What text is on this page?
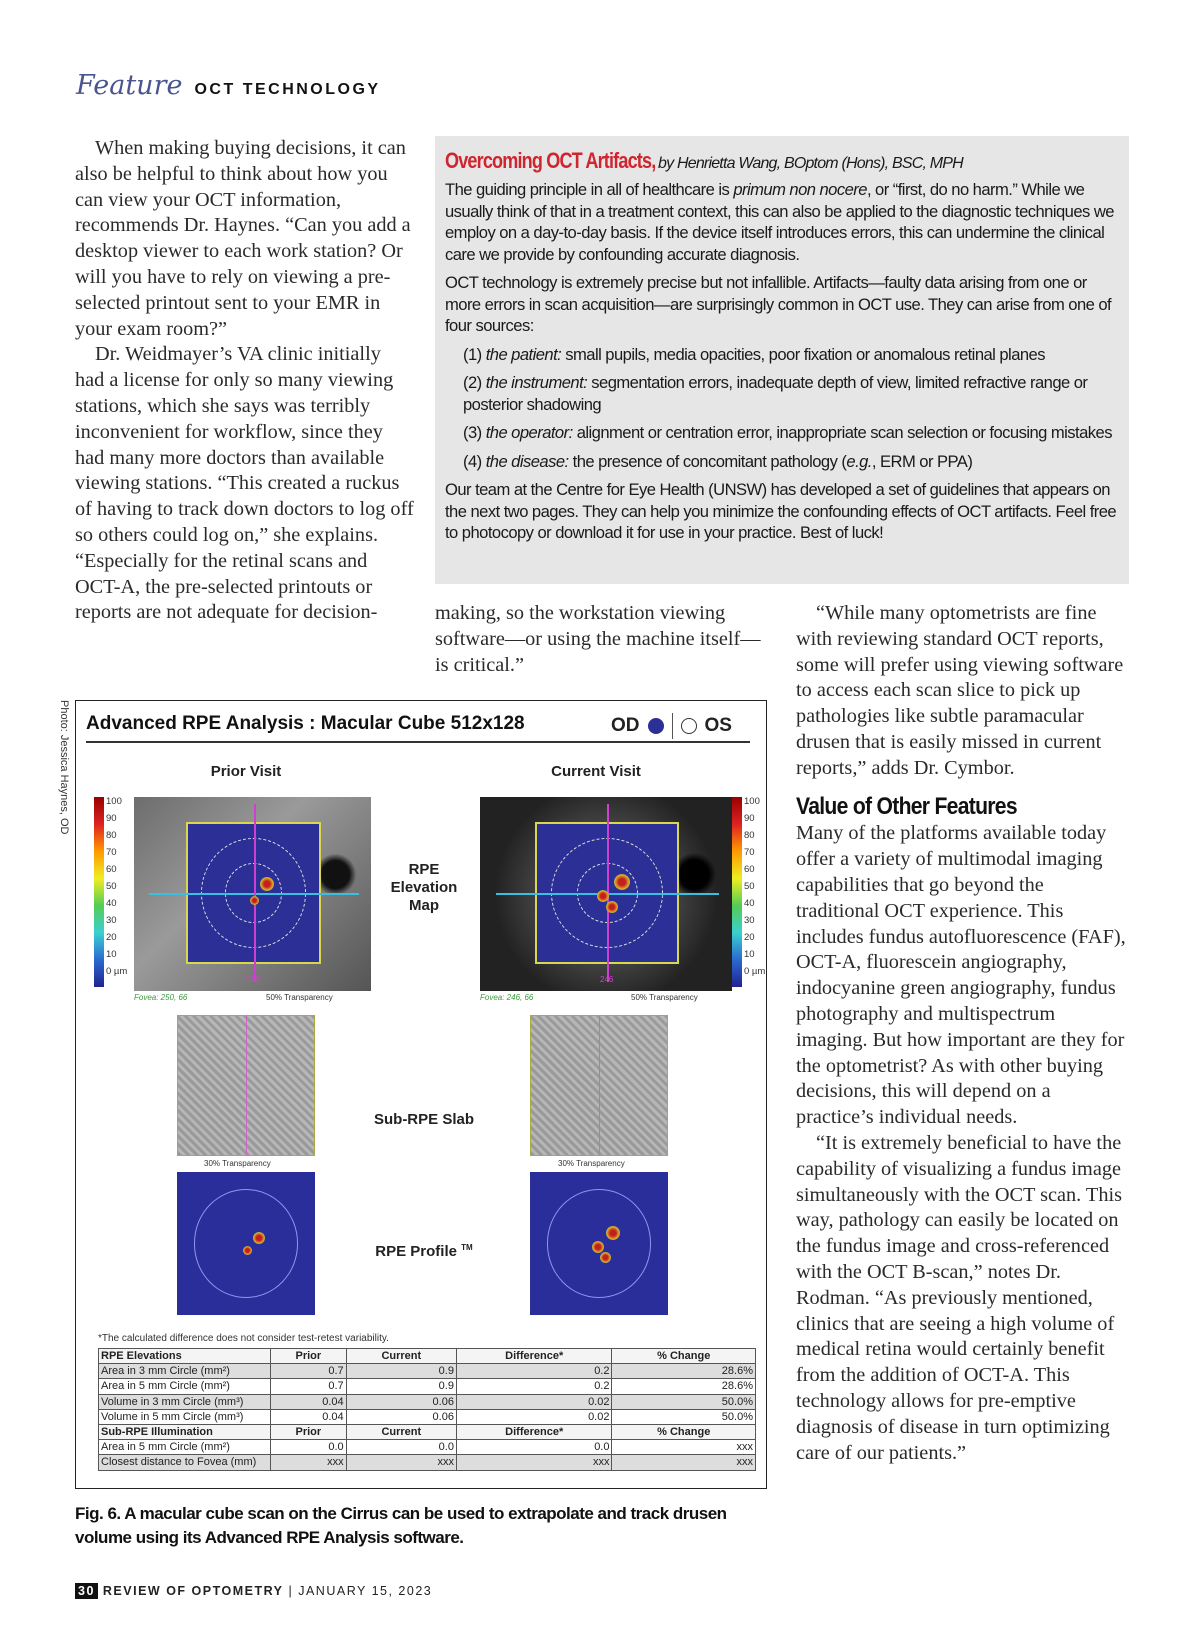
Feature OCT TECHNOLOGY

When making buying decisions, it can also be helpful to think about how you can view your OCT information, recommends Dr. Haynes. “Can you add a desktop viewer to each work station? Or will you have to rely on viewing a pre-selected printout sent to your EMR in your exam room?”

Dr. Weidmayer’s VA clinic initially had a license for only so many viewing stations, which she says was terribly inconvenient for workflow, since they had many more doctors than available viewing stations. “This created a ruckus of having to track down doctors to log off so others could log on,” she explains. “Especially for the retinal scans and OCT-A, the pre-selected printouts or reports are not adequate for decision-

Overcoming OCT Artifacts, by Henrietta Wang, BOptom (Hons), BSC, MPH

The guiding principle in all of healthcare is primum non nocere, or “first, do no harm.” While we usually think of that in a treatment context, this can also be applied to the diagnostic techniques we employ on a day-to-day basis. If the device itself introduces errors, this can undermine the clinical care we provide by confounding accurate diagnosis.

OCT technology is extremely precise but not infallible. Artifacts—faulty data arising from one or more errors in scan acquisition—are surprisingly common in OCT use. They can arise from one of four sources:

(1) the patient: small pupils, media opacities, poor fixation or anomalous retinal planes

(2) the instrument: segmentation errors, inadequate depth of view, limited refractive range or posterior shadowing

(3) the operator: alignment or centration error, inappropriate scan selection or focusing mistakes

(4) the disease: the presence of concomitant pathology (e.g., ERM or PPA)

Our team at the Centre for Eye Health (UNSW) has developed a set of guidelines that appears on the next two pages. They can help you minimize the confounding effects of OCT artifacts. Feel free to photocopy or download it for use in your practice. Best of luck!

making, so the workstation viewing software—or using the machine itself—is critical.”

“While many optometrists are fine with reviewing standard OCT reports, some will prefer using viewing software to access each scan slice to pick up pathologies like subtle paramacular drusen that is easily missed in current reports,” adds Dr. Cymbor.

Value of Other Features

Many of the platforms available today offer a variety of multimodal imaging capabilities that go beyond the traditional OCT experience. This includes fundus autofluorescence (FAF), OCT-A, fluorescein angiography, indocyanine green angiography, fundus photography and multispectrum imaging. But how important are they for the optometrist? As with other buying decisions, this will depend on a practice’s individual needs.

“It is extremely beneficial to have the capability of visualizing a fundus image simultaneously with the OCT scan. This way, pathology can easily be located on the fundus image and cross-referenced with the OCT B-scan,” notes Dr. Rodman. “As previously mentioned, clinics that are seeing a high volume of medical retina would certainly benefit from the addition of OCT-A. This technology allows for pre-emptive diagnosis of disease in turn optimizing care of our patients.”

Photo: Jessica Haynes, OD Advanced RPE Analysis : Macular Cube 512x128	OD	OS
Prior Visit	Current Visit
100
90
80
70
60
50
40
30
20
10
0 µm
250
Fovea: 250, 66	50% Transparency
RPE
Elevation
Map
246
100
90
80
70
60
50
40
30
20
10
0 µm
Fovea: 246, 66	50% Transparency
Sub-RPE Slab
30% Transparency	30% Transparency
RPE Profile ™
*The calculated difference does not consider test-retest variability.
RPE Elevations	Prior	Current	Difference*	% Change
Area in 3 mm Circle (mm²)	0.7	0.9	0.2	28.6%
Area in 5 mm Circle (mm²)	0.7	0.9	0.2	28.6%
Volume in 3 mm Circle (mm³)	0.04	0.06	0.02	50.0%
Volume in 5 mm Circle (mm³)	0.04	0.06	0.02	50.0%
Sub-RPE Illumination	Prior	Current	Difference*	% Change
Area in 5 mm Circle (mm²)	0.0	0.0	0.0	xxx
Closest distance to Fovea (mm)	xxx	xxx	xxx	xxx
Fig. 6. A macular cube scan on the Cirrus can be used to extrapolate and track drusen volume using its Advanced RPE Analysis software.
30 REVIEW OF OPTOMETRY | JANUARY 15, 2023
